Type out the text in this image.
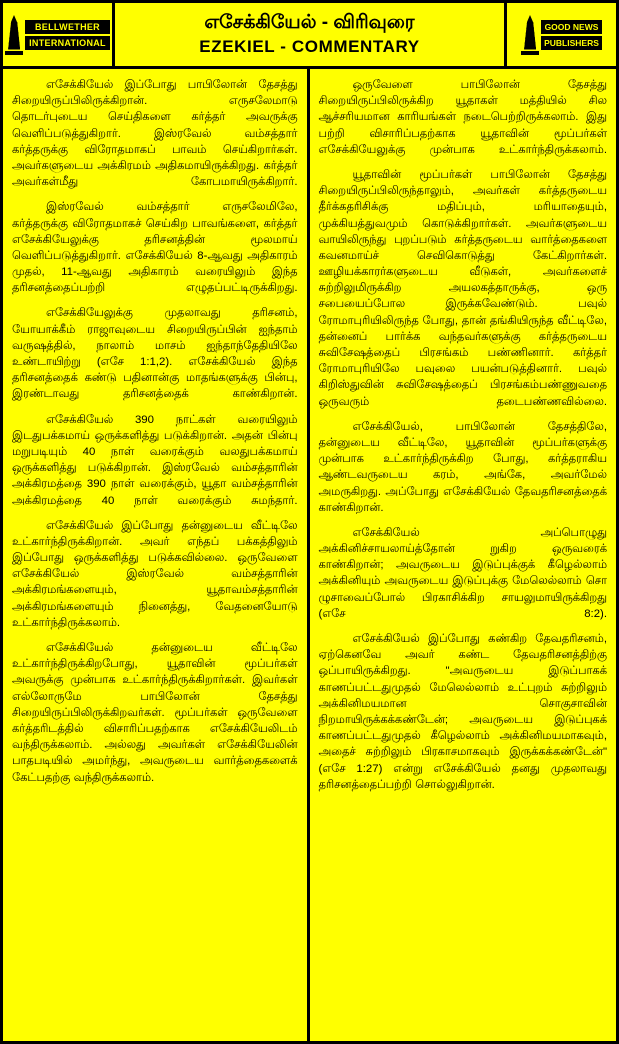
BELLWETHER
INTERNATIONAL
எசேக்கியேல் - விரிவுரை
EZEKIEL - COMMENTARY
GOOD NEWS
PUBLISHERS

எசேக்கியேல் இப்போது பாபிலோன் தேசத்து சிறையிருப்பிலிருக்கிறான். எருசலேமாடு தொடர்புடைய செய்திகளை கர்த்தர் அவருக்கு வெளிப்படுத்துகிறார். இஸ்ரவேல் வம்சத்தார் கர்த்தருக்கு விரோதமாகப் பாவம் செய்கிறார்கள். அவர்களுடைய அக்கிரமம் அதிகமாயிருக்கிறது. கர்த்தர் அவர்கள்மீது கோபமாயிருக்கிறார்.

இஸ்ரவேல் வம்சத்தார் எருசலேமிலே, கர்த்தருக்கு விரோதமாகச் செய்கிற பாவங்களை, கர்த்தர் எசேக்கியேலுக்கு தரிசனத்தின் மூலமாய் வெளிப்படுத்துகிறார். எசேக்கியேல் 8-ஆவது அதிகாரம் முதல், 11-ஆவது அதிகாரம் வரையிலும் இந்த தரிசனத்தைப்பற்றி எழுதப்பட்டிருக்கிறது.

எசேக்கியேலுக்கு முதலாவது தரிசனம், யோயாக்கீம் ராஜாவுடைய சிறையிருப்பின் ஐந்தாம் வருஷத்தில், நாலாம் மாசம் ஐந்தாந்தேதியிலே உண்டாயிற்று (எசே 1:1,2). எசேக்கியேல் இந்த தரிசனத்தைக் கண்டு பதினான்கு மாதங்களுக்கு பின்பு, இரண்டாவது தரிசனத்தைக் காண்கிறான்.

எசேக்கியேல் 390 நாட்கள் வரையிலும் இடதுபக்கமாய் ஒருக்களித்து படுக்கிறான். அதன் பின்பு மறுபடியும் 40 நாள் வரைக்கும் வலதுபக்கமாய் ஒருக்களித்து படுக்கிறான். இஸ்ரவேல் வம்சத்தாரின் அக்கிரமத்தை 390 நாள் வரைக்கும், யூதா வம்சத்தாரின் அக்கிரமத்தை 40 நாள் வரைக்கும் சுமந்தார்.

எசேக்கியேல் இப்போது தன்னுடைய வீட்டிலே உட்கார்ந்திருக்கிறான். அவர் எந்தப் பக்கத்திலும் இப்போது ஒருக்களித்து படுக்கவில்லை. ஒருவேளை எசேக்கியேல் இஸ்ரவேல் வம்சத்தாரின் அக்கிரமங்களையும், யூதாவம்சத்தாரின் அக்கிரமங்களையும் நினைத்து, வேதனையோடு உட்கார்ந்திருக்கலாம்.

எசேக்கியேல் தன்னுடைய வீட்டிலே உட்கார்ந்திருக்கிறபோது, யூதாவின் மூப்பர்கள் அவருக்கு முன்பாக உட்கார்ந்திருக்கிறார்கள். இவர்கள் எல்லோருமே பாபிலோன் தேசத்து சிறையிருப்பிலிருக்கிறவர்கள். மூப்பர்கள் ஒருவேளை கர்த்தரிடத்தில் விசாரிப்பதற்காக எசேக்கியேலிடம் வந்திருக்கலாம். அல்லது அவர்கள் எசேக்கியேலின் பாதபடியில் அமர்ந்து, அவருடைய வார்த்தைகளைக் கேட்பதற்கு வந்திருக்கலாம்.

ஒருவேளை பாபிலோன் தேசத்து சிறையிருப்பிலிருக்கிற யூதாகள் மத்தியில் சில ஆச்சரியமான காரியங்கள் நடைபெற்றிருக்கலாம். இது பற்றி விசாரிப்பதற்காக யூதாவின் மூப்பர்கள் எசேக்கியேலுக்கு முன்பாக உட்கார்ந்திருக்கலாம்.

யூதாவின் மூப்பர்கள் பாபிலோன் தேசத்து சிறையிருப்பிலிருந்தாலும், அவர்கள் கர்த்தருடைய தீர்க்கதரிசிக்கு மதிப்பும், மரியாதையும், முக்கியத்துவமும் கொடுக்கிறார்கள். அவர்களுடைய வாயிலிருந்து புறப்படும் கர்த்தருடைய வார்த்தைகளை கவனமாய்ச் செவிகொடுத்து கேட்கிறார்கள். ஊழியக்காரர்களுடைய வீடுகள், அவர்களைச் சுற்றிலுமிருக்கிற அயலகத்தாருக்கு, ஒரு சபையைப்போல இருக்கவேண்டும். பவுல் ரோமாபுரியிலிருந்த போது, தான் தங்கியிருந்த வீட்டிலே, தன்னைப் பார்க்க வந்தவர்களுக்கு கர்த்தருடைய சுவிசேஷத்தைப் பிரசங்கம் பண்ணினார். கர்த்தர் ரோமாபுரியிலே பவுலை பயன்படுத்தினார். பவுல் கிறிஸ்துவின் சுவிசேஷத்தைப் பிரசங்கம்பண்ணுவதை ஒருவரும் தடைபண்ணவில்லை.

எசேக்கியேல், பாபிலோன் தேசத்திலே, தன்னுடைய வீட்டிலே, யூதாவின் மூப்பர்களுக்கு முன்பாக உட்கார்ந்திருக்கிற போது, கர்த்தராகிய ஆண்டவருடைய கரம், அங்கே, அவர்மேல் அமருகிறது. அப்போது எசேக்கியேல் தேவதரிசனத்தைக் காண்கிறான்.

எசேக்கியேல் அப்பொழுது அக்கினிச்சாயலாய்த்தோன் றுகிற ஒருவரைக் காண்கிறான்; அவருடைய இடுப்புக்குக் கீழெல்லாம் அக்கினியும் அவருடைய இடுப்புக்கு மேலெல்லாம் சொ ழுசாவைப்போல் பிரகாசிக்கிற சாயலுமாயிருக்கிறது (எசே 8:2).

எசேக்கியேல் இப்போது கண்கிற தேவதரிசனம், ஏற்கெனவே அவர் கண்ட தேவதரிசனத்திற்கு ஒப்பாயிருக்கிறது. "அவருடைய இடுப்பாகக் காணப்பட்டதுமுதல் மேலெல்லாம் உட்புறம் சுற்றிலும் அக்கினிமயமான சொகுசாவின் நிறமாயிருக்கக்கண்டேன்; அவருடைய இடுப்புகக் காணப்பட்டதுமுதல் கீழெல்லாம் அக்கினிமயமாகவும், அதைச் சுற்றிலும் பிரகாசமாகவும் இருக்கக்கண்டேன்" (எசே 1:27) என்று எசேக்கியேல் தனது முதலாவது தரிசனத்தைப்பற்றி சொல்லுகிறான்.
